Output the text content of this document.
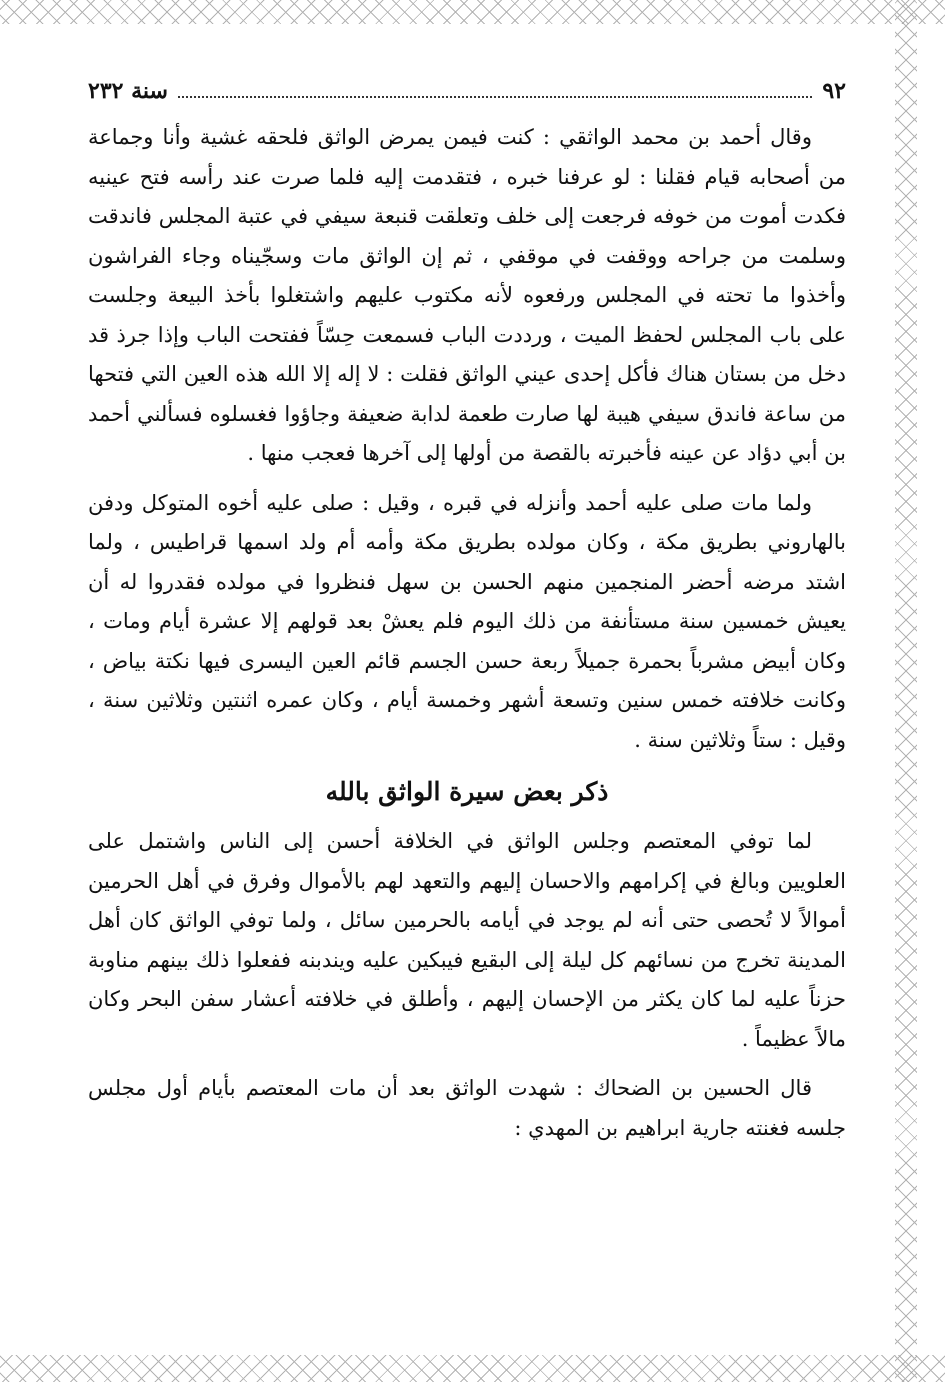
٩٢
سنة ٢٣٢

وقال أحمد بن محمد الواثقي : كنت فيمن يمرض الواثق فلحقه غشية وأنا وجماعة من أصحابه قيام فقلنا : لو عرفنا خبره ، فتقدمت إليه فلما صرت عند رأسه فتح عينيه فكدت أموت من خوفه فرجعت إلى خلف وتعلقت قنبعة سيفي في عتبة المجلس فاندقت وسلمت من جراحه ووقفت في موقفي ، ثم إن الواثق مات وسجّيناه وجاء الفراشون وأخذوا ما تحته في المجلس ورفعوه لأنه مكتوب عليهم واشتغلوا بأخذ البيعة وجلست على باب المجلس لحفظ الميت ، ورددت الباب فسمعت حِسّاً ففتحت الباب وإذا جرذ قد دخل من بستان هناك فأكل إحدى عيني الواثق فقلت : لا إله إلا الله هذه العين التي فتحها من ساعة فاندق سيفي هيبة لها صارت طعمة لدابة ضعيفة وجاؤوا فغسلوه فسألني أحمد بن أبي دؤاد عن عينه فأخبرته بالقصة من أولها إلى آخرها فعجب منها .

ولما مات صلى عليه أحمد وأنزله في قبره ، وقيل : صلى عليه أخوه المتوكل ودفن بالهاروني بطريق مكة ، وكان مولده بطريق مكة وأمه أم ولد اسمها قراطيس ، ولما اشتد مرضه أحضر المنجمين منهم الحسن بن سهل فنظروا في مولده فقدروا له أن يعيش خمسين سنة مستأنفة من ذلك اليوم فلم يعشْ بعد قولهم إلا عشرة أيام ومات ، وكان أبيض مشرباً بحمرة جميلاً ربعة حسن الجسم قائم العين اليسرى فيها نكتة بياض ، وكانت خلافته خمس سنين وتسعة أشهر وخمسة أيام ، وكان عمره اثنتين وثلاثين سنة ، وقيل : ستاً وثلاثين سنة .

ذكر بعض سيرة الواثق بالله

لما توفي المعتصم وجلس الواثق في الخلافة أحسن إلى الناس واشتمل على العلويين وبالغ في إكرامهم والاحسان إليهم والتعهد لهم بالأموال وفرق في أهل الحرمين أموالاً لا تُحصى حتى أنه لم يوجد في أيامه بالحرمين سائل ، ولما توفي الواثق كان أهل المدينة تخرج من نسائهم كل ليلة إلى البقيع فيبكين عليه ويندبنه ففعلوا ذلك بينهم مناوبة حزناً عليه لما كان يكثر من الإحسان إليهم ، وأطلق في خلافته أعشار سفن البحر وكان مالاً عظيماً .

قال الحسين بن الضحاك : شهدت الواثق بعد أن مات المعتصم بأيام أول مجلس جلسه فغنته جارية ابراهيم بن المهدي :
